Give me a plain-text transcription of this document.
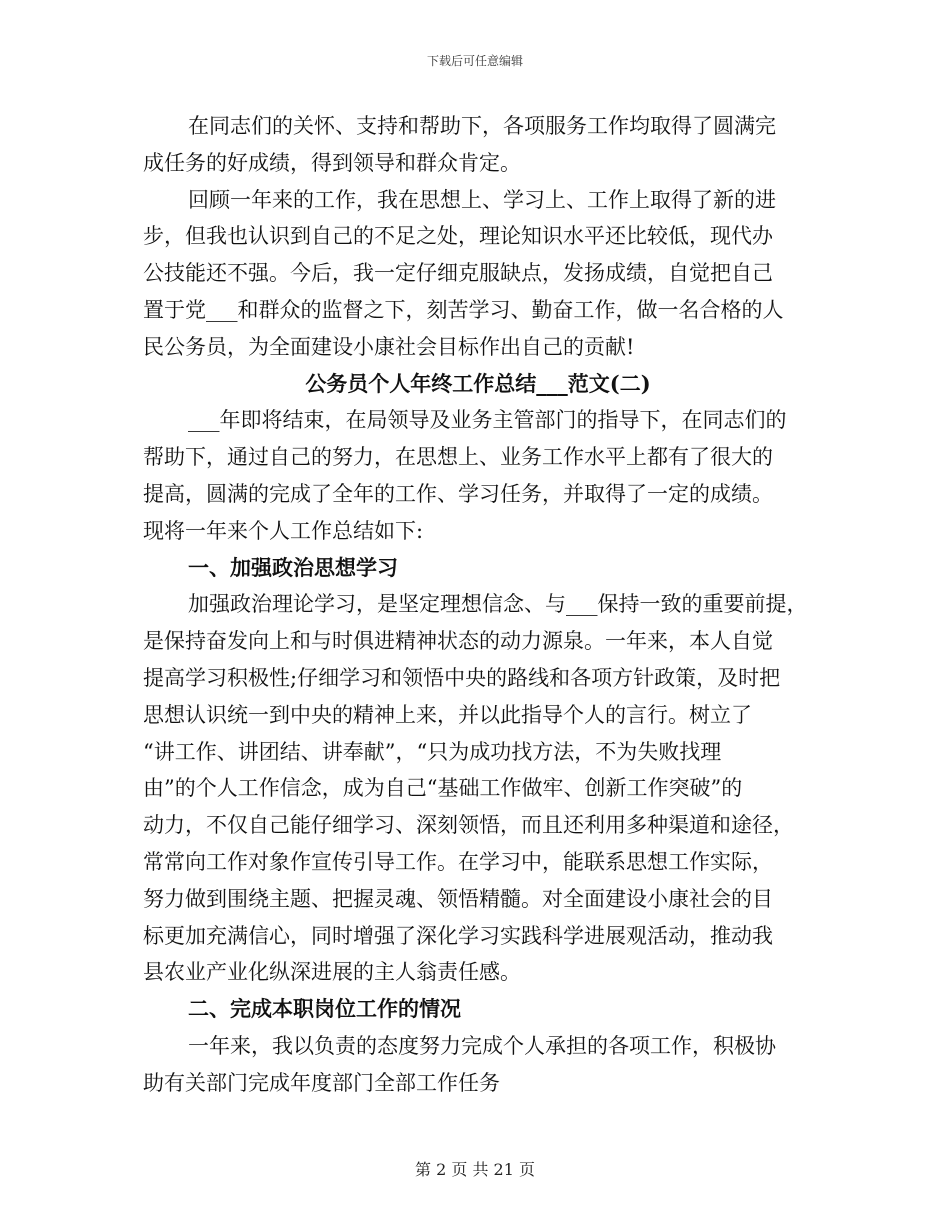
下载后可任意编辑

在同志们的关怀、支持和帮助下，各项服务工作均取得了圆满完

成任务的好成绩，得到领导和群众肯定。

回顾一年来的工作，我在思想上、学习上、工作上取得了新的进

步，但我也认识到自己的不足之处，理论知识水平还比较低，现代办

公技能还不强。今后，我一定仔细克服缺点，发扬成绩，自觉把自己

置于党___和群众的监督之下，刻苦学习、勤奋工作，做一名合格的人

民公务员，为全面建设小康社会目标作出自己的贡献!

公务员个人年终工作总结___范文(二)

___年即将结束，在局领导及业务主管部门的指导下，在同志们的

帮助下，通过自己的努力，在思想上、业务工作水平上都有了很大的

提高，圆满的完成了全年的工作、学习任务，并取得了一定的成绩。

现将一年来个人工作总结如下:

一、加强政治思想学习

加强政治理论学习，是坚定理想信念、与___保持一致的重要前提，

是保持奋发向上和与时俱进精神状态的动力源泉。一年来，本人自觉

提高学习积极性;仔细学习和领悟中央的路线和各项方针政策，及时把

思想认识统一到中央的精神上来，并以此指导个人的言行。树立了

“讲工作、讲团结、讲奉献”，“只为成功找方法，不为失败找理

由”的个人工作信念，成为自己“基础工作做牢、创新工作突破”的

动力，不仅自己能仔细学习、深刻领悟，而且还利用多种渠道和途径，

常常向工作对象作宣传引导工作。在学习中，能联系思想工作实际，

努力做到围绕主题、把握灵魂、领悟精髓。对全面建设小康社会的目

标更加充满信心，同时增强了深化学习实践科学进展观活动，推动我

县农业产业化纵深进展的主人翁责任感。

二、完成本职岗位工作的情况

一年来，我以负责的态度努力完成个人承担的各项工作，积极协

助有关部门完成年度部门全部工作任务

第 2 页 共 21 页
